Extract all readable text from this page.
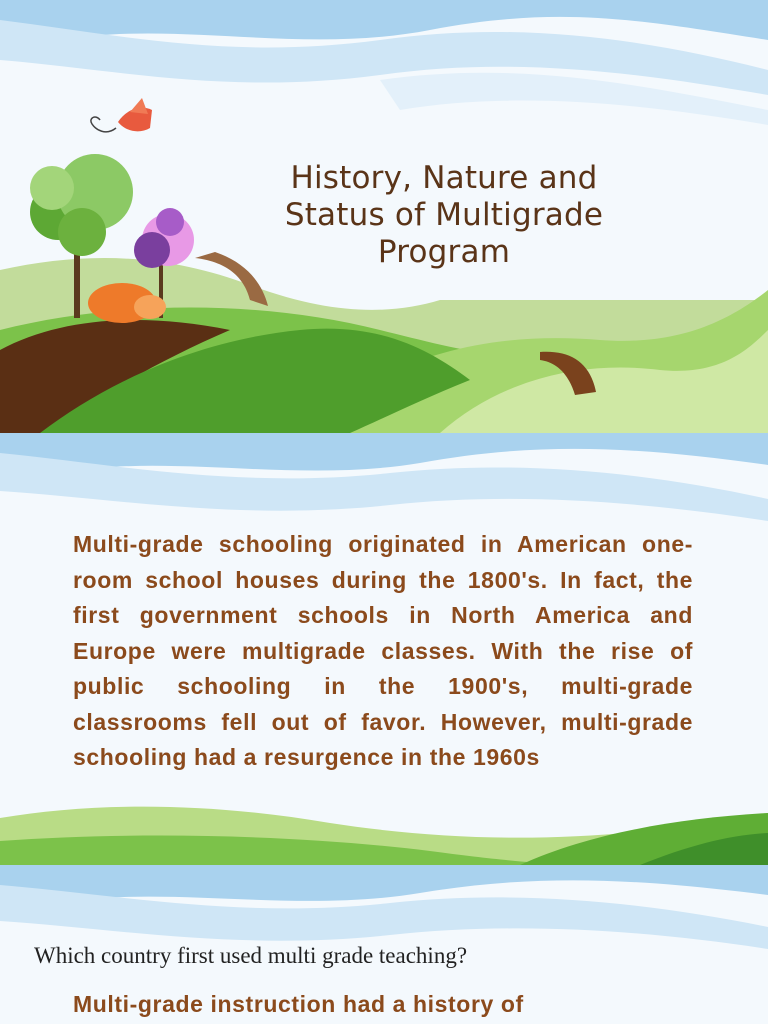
History, Nature and Status of Multigrade Program

Multi-grade schooling originated in American one-room school houses during the 1800's. In fact, the first government schools in North America and Europe were multigrade classes. With the rise of public schooling in the 1900's, multi-grade classrooms fell out of favor. However, multi-grade schooling had a resurgence in the 1960s

Which country first used multi grade teaching?

Multi-grade instruction had a history of
